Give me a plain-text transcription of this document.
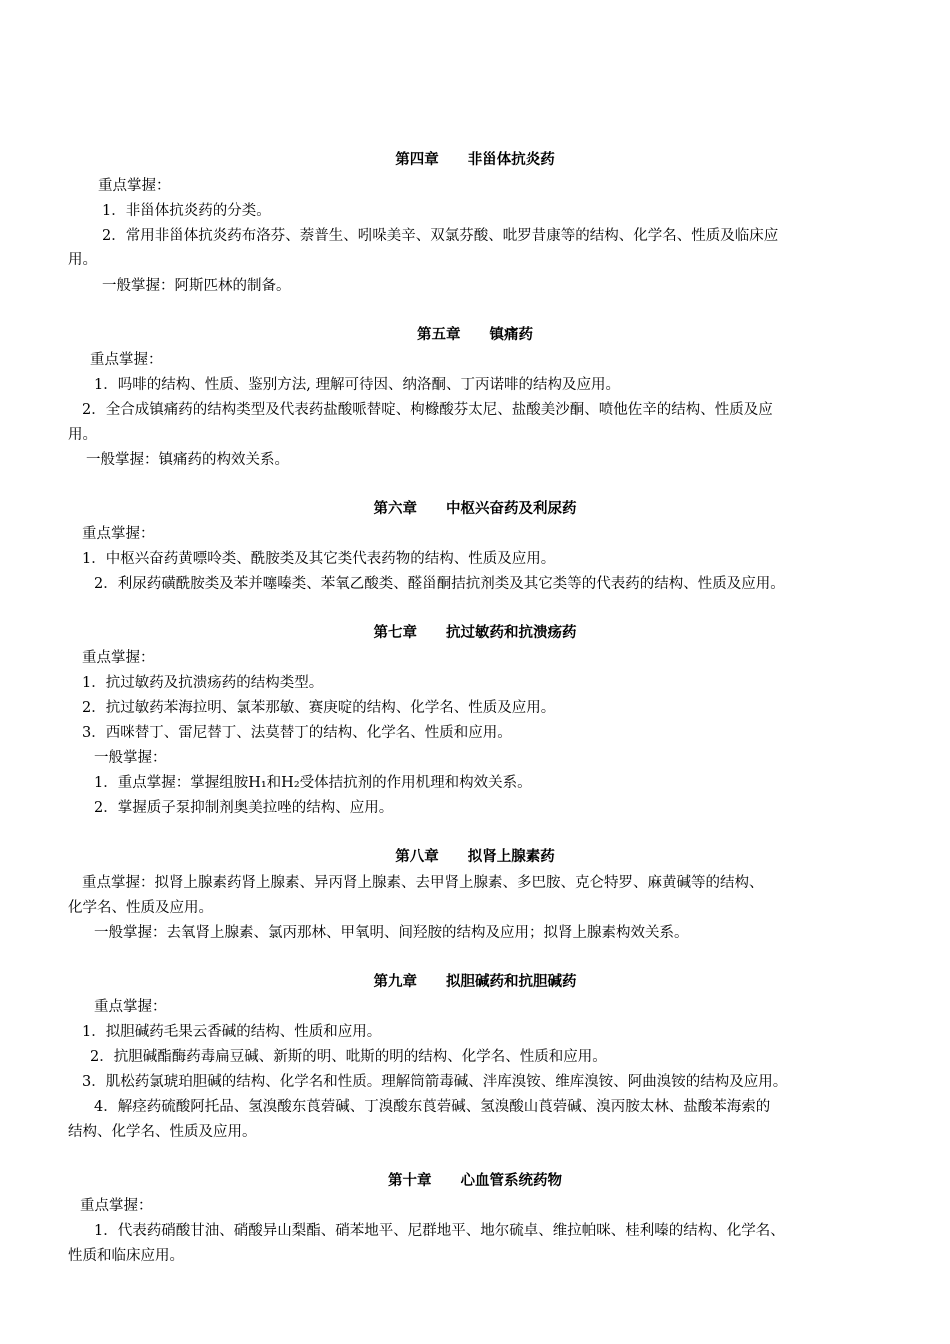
第四章　　非甾体抗炎药
重点掌握：
1．非甾体抗炎药的分类。
2．常用非甾体抗炎药布洛芬、萘普生、吲哚美辛、双氯芬酸、吡罗昔康等的结构、化学名、性质及临床应
用。
一般掌握：阿斯匹林的制备。
第五章　　镇痛药
重点掌握：
1．吗啡的结构、性质、鉴别方法, 理解可待因、纳洛酮、丁丙诺啡的结构及应用。
2．全合成镇痛药的结构类型及代表药盐酸哌替啶、枸橼酸芬太尼、盐酸美沙酮、喷他佐辛的结构、性质及应
用。
一般掌握：镇痛药的构效关系。
第六章　　中枢兴奋药及利尿药
重点掌握：
1．中枢兴奋药黄嘌呤类、酰胺类及其它类代表药物的结构、性质及应用。
2．利尿药磺酰胺类及苯并噻嗪类、苯氧乙酸类、醛甾酮拮抗剂类及其它类等的代表药的结构、性质及应用。
第七章　　抗过敏药和抗溃疡药
重点掌握：
1．抗过敏药及抗溃疡药的结构类型。
2．抗过敏药苯海拉明、氯苯那敏、赛庚啶的结构、化学名、性质及应用。
3．西咪替丁、雷尼替丁、法莫替丁的结构、化学名、性质和应用。
一般掌握：
1．重点掌握：掌握组胺H₁和H₂受体拮抗剂的作用机理和构效关系。
2．掌握质子泵抑制剂奥美拉唑的结构、应用。
第八章　　拟肾上腺素药
重点掌握：拟肾上腺素药肾上腺素、异丙肾上腺素、去甲肾上腺素、多巴胺、克仑特罗、麻黄碱等的结构、
化学名、性质及应用。
一般掌握：去氧肾上腺素、氯丙那林、甲氧明、间羟胺的结构及应用；拟肾上腺素构效关系。
第九章　　拟胆碱药和抗胆碱药
重点掌握：
1．拟胆碱药毛果云香碱的结构、性质和应用。
2．抗胆碱酯酶药毒扁豆碱、新斯的明、吡斯的明的结构、化学名、性质和应用。
3．肌松药氯琥珀胆碱的结构、化学名和性质。理解筒箭毒碱、泮库溴铵、维库溴铵、阿曲溴铵的结构及应用。
4．解痉药硫酸阿托品、氢溴酸东莨菪碱、丁溴酸东莨菪碱、氢溴酸山莨菪碱、溴丙胺太林、盐酸苯海索的
结构、化学名、性质及应用。
第十章　　心血管系统药物
重点掌握：
1．代表药硝酸甘油、硝酸异山梨酯、硝苯地平、尼群地平、地尔硫卓、维拉帕咪、桂利嗪的结构、化学名、
性质和临床应用。
